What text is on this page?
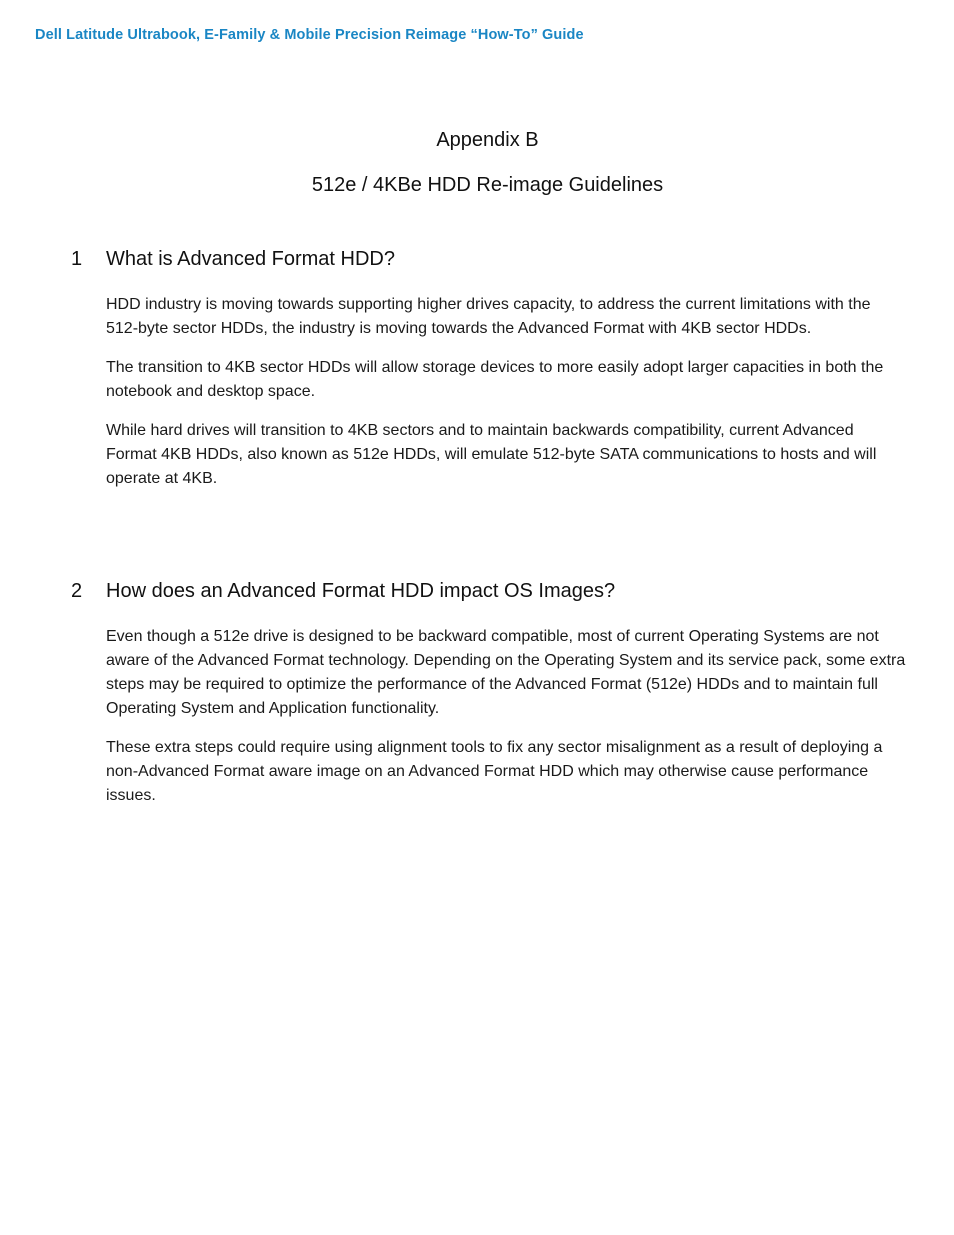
Dell Latitude Ultrabook, E-Family & Mobile Precision Reimage “How-To” Guide
Appendix B
512e / 4KBe HDD Re-image Guidelines
1 What is Advanced Format HDD?

HDD industry is moving towards supporting higher drives capacity, to address the current limitations with the 512-byte sector HDDs, the industry is moving towards the Advanced Format with 4KB sector HDDs.

The transition to 4KB sector HDDs will allow storage devices to more easily adopt larger capacities in both the notebook and desktop space.

While hard drives will transition to 4KB sectors and to maintain backwards compatibility, current Advanced Format 4KB HDDs, also known as 512e HDDs, will emulate 512-byte SATA communications to hosts and will operate at 4KB.

2 How does an Advanced Format HDD impact OS Images?

Even though a 512e drive is designed to be backward compatible, most of current Operating Systems are not aware of the Advanced Format technology. Depending on the Operating System and its service pack, some extra steps may be required to optimize the performance of the Advanced Format (512e) HDDs and to maintain full Operating System and Application functionality.

These extra steps could require using alignment tools to fix any sector misalignment as a result of deploying a non-Advanced Format aware image on an Advanced Format HDD which may otherwise cause performance issues.
